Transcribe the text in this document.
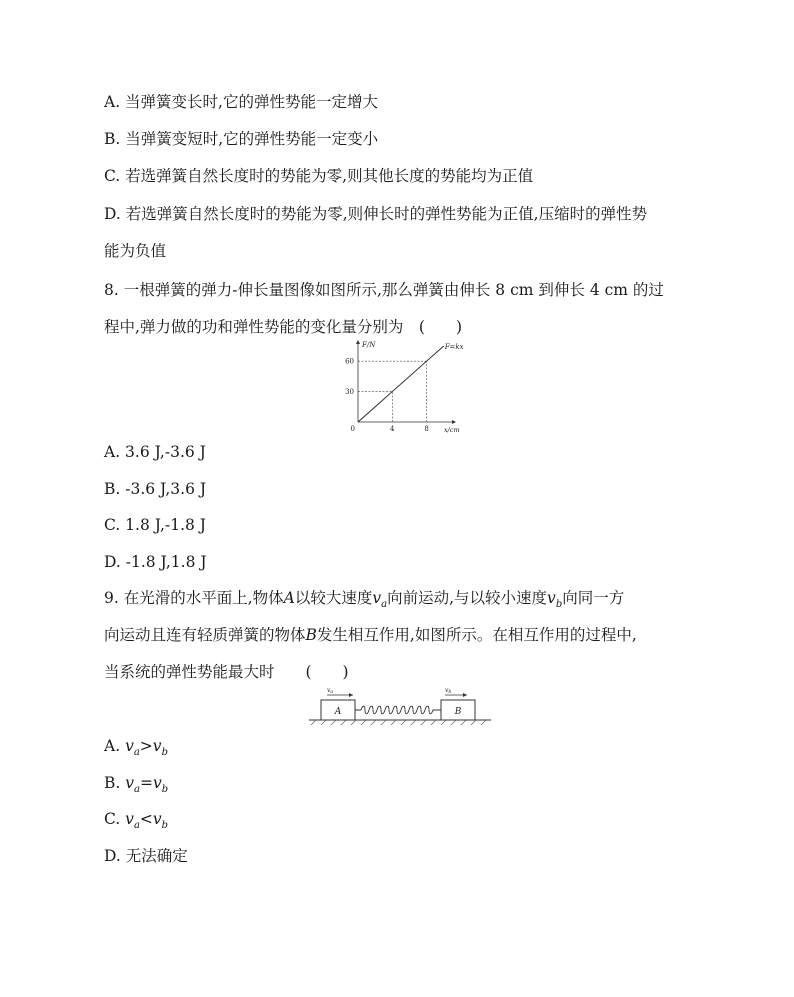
A. 当弹簧变长时,它的弹性势能一定增大
B. 当弹簧变短时,它的弹性势能一定变小
C. 若选弹簧自然长度时的势能为零,则其他长度的势能均为正值
D. 若选弹簧自然长度时的势能为零,则伸长时的弹性势能为正值,压缩时的弹性势
能为负值
8. 一根弹簧的弹力-伸长量图像如图所示,那么弹簧由伸长 8 cm 到伸长 4 cm 的过
程中,弹力做的功和弹性势能的变化量分别为　(　　)
F/N
x/cm
0
30
60
4	8
F=kx
A. 3.6 J,-3.6 J
B. -3.6 J,3.6 J
C. 1.8 J,-1.8 J
D. -1.8 J,1.8 J
9. 在光滑的水平面上,物体A以较大速度$v_a$向前运动,与以较小速度$v_b$向同一方
向运动且连有轻质弹簧的物体B发生相互作用,如图所示。在相互作用的过程中,
当系统的弹性势能最大时　　(　　)
A	B
va	vb
A. $v_a>v_b$
B. $v_a=v_b$
C. $v_a<v_b$
D. 无法确定
